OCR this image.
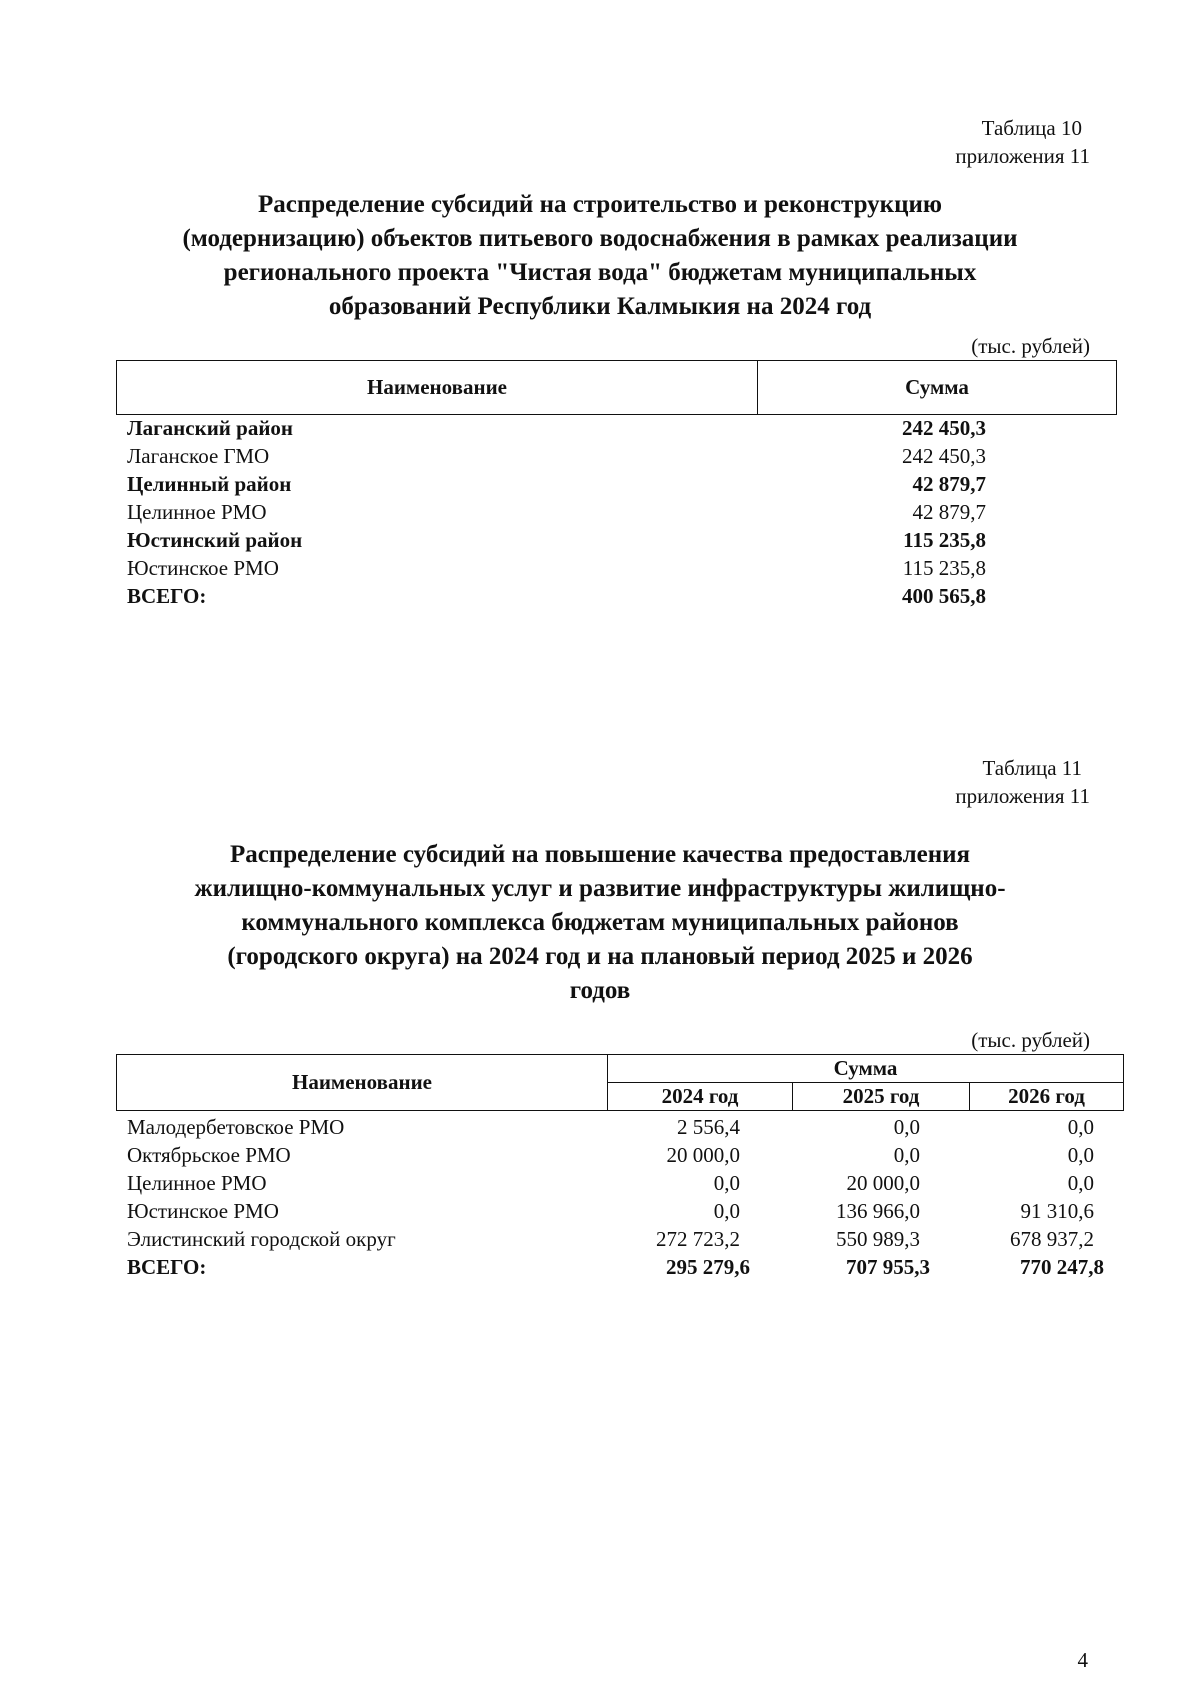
Таблица 10
приложения 11
Распределение субсидий на строительство и реконструкцию
(модернизацию) объектов питьевого водоснабжения в рамках реализации
регионального проекта "Чистая вода" бюджетам муниципальных
образований Республики Калмыкия на 2024 год
(тыс. рублей)
Наименование	Сумма
Лаганский район	242 450,3
Лаганское ГМО	242 450,3
Целинный район	42 879,7
Целинное РМО	42 879,7
Юстинский район	115 235,8
Юстинское РМО	115 235,8
ВСЕГО:	400 565,8
Таблица 11
приложения 11
Распределение субсидий на повышение качества предоставления
жилищно-коммунальных услуг и развитие инфраструктуры жилищно-
коммунального комплекса бюджетам муниципальных районов
(городского округа) на 2024 год и на плановый период 2025 и 2026
годов
(тыс. рублей)
Наименование	Сумма		
	2024 год	2025 год	2026 год
Малодербетовское РМО	2 556,4	0,0	0,0
Октябрьское РМО	20 000,0	0,0	0,0
Целинное РМО	0,0	20 000,0	0,0
Юстинское РМО	0,0	136 966,0	91 310,6
Элистинский городской округ	272 723,2	550 989,3	678 937,2
ВСЕГО:	295 279,6	707 955,3	770 247,8
4
